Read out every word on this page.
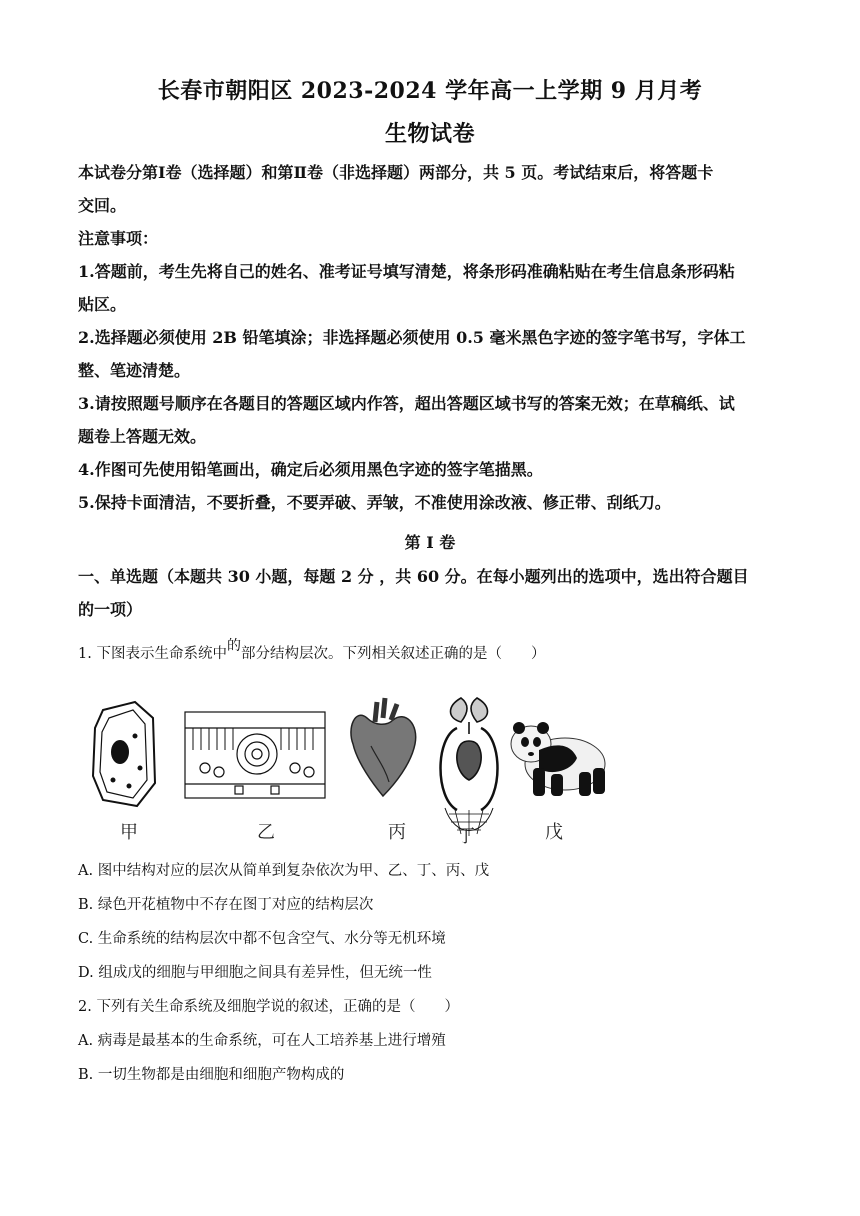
长春市朝阳区 2023-2024 学年高一上学期 9 月月考
生物试卷
本试卷分第Ⅰ卷（选择题）和第Ⅱ卷（非选择题）两部分，共 5 页。考试结束后，将答题卡
交回。
注意事项：
1.答题前，考生先将自己的姓名、准考证号填写清楚，将条形码准确粘贴在考生信息条形码粘
贴区。
2.选择题必须使用 2B 铅笔填涂；非选择题必须使用 0.5 毫米黑色字迹的签字笔书写，字体工
整、笔迹清楚。
3.请按照题号顺序在各题目的答题区域内作答，超出答题区域书写的答案无效；在草稿纸、试
题卷上答题无效。
4.作图可先使用铅笔画出，确定后必须用黑色字迹的签字笔描黑。
5.保持卡面清洁，不要折叠，不要弄破、弄皱，不准使用涂改液、修正带、刮纸刀。
第 I 卷
一、单选题（本题共 30 小题，每题 2 分 ，共 60 分。在每小题列出的选项中，选出符合题目
的一项）
1. 下图表示生命系统中的部分结构层次。下列相关叙述正确的是（　　）
甲	乙	丙	丁	戊
A. 图中结构对应的层次从简单到复杂依次为甲、乙、丁、丙、戊
B. 绿色开花植物中不存在图丁对应的结构层次
C. 生命系统的结构层次中都不包含空气、水分等无机环境
D. 组成戊的细胞与甲细胞之间具有差异性，但无统一性
2. 下列有关生命系统及细胞学说的叙述，正确的是（　　）
A. 病毒是最基本的生命系统，可在人工培养基上进行增殖
B. 一切生物都是由细胞和细胞产物构成的
